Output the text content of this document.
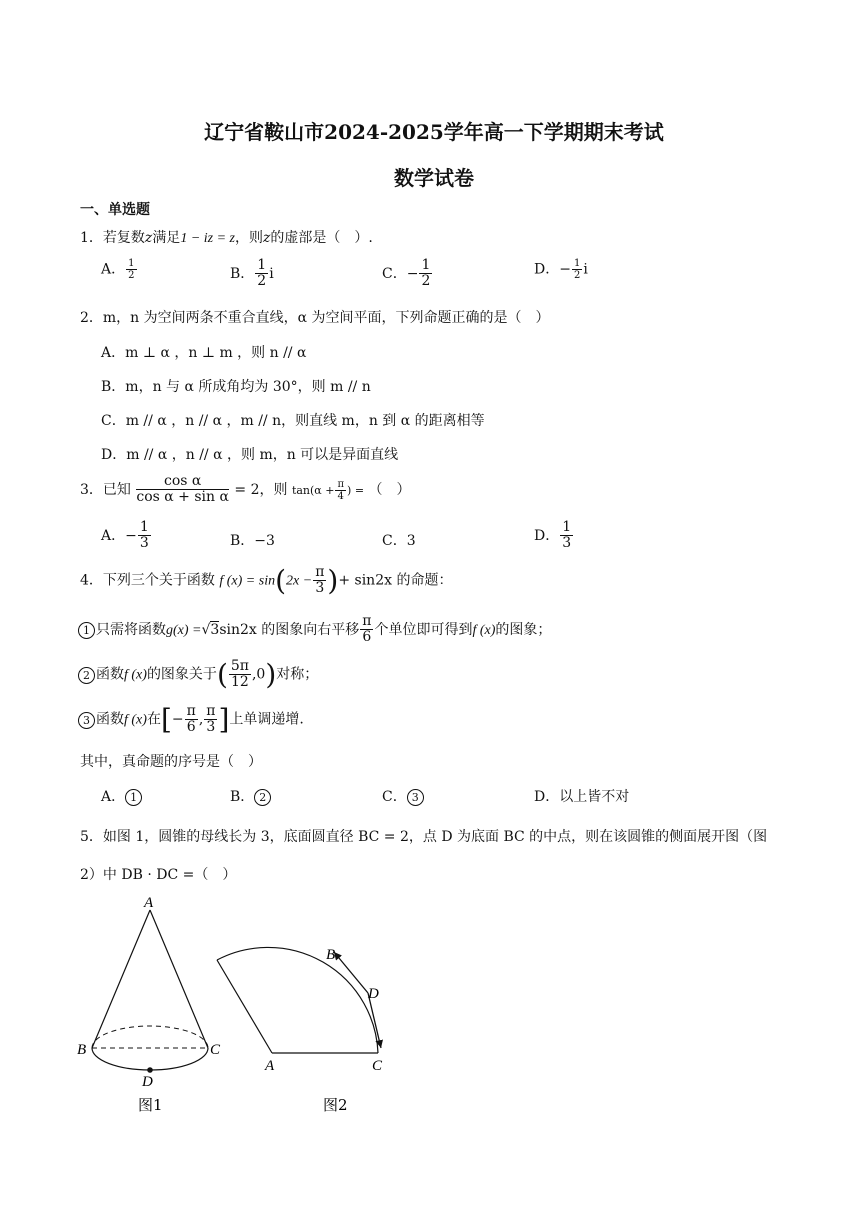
辽宁省鞍山市2024-2025学年高一下学期期末考试
数学试卷
一、单选题
1．若复数z满足1 − iz = z，则z的虚部是（　）.
A． $\frac{1}{2}$	B． $\frac{1}{2}$ i	C．− $\frac{1}{2}$	D．− $\frac{1}{2}$ i
2．m，n 为空间两条不重合直线，α 为空间平面，下列命题正确的是（　）
A．m ⊥ α ，n ⊥ m ，则 n // α
B．m，n 与 α 所成角均为 30°，则 m // n
C．m // α ，n // α ，m // n，则直线 m，n 到 α 的距离相等
D．m // α ，n // α ，则 m，n 可以是异面直线
3．已知 $\frac{\text{cos α}}{\text{cos α + sin α}} = 2$，则 $\tan(\alpha + \frac{\pi}{4}$ ) = （　）
A．− $\frac{1}{3}$	B．−3	C．3	D． $\frac{1}{3}$
4．下列三个关于函数 f $(x) = \sin(2x - \frac{\pi}{3}$ )+ sin2x 的命题：
1 只需将函数g(x) =√3sin2x 的图象向右平移 $\frac{\pi}{6}$ 个单位即可得到f (x)的图象；
2 函数f (x)的图象关于( $\frac{5\pi}{12} ,0$)对称；
3 函数f (x)在[− $\frac{\pi}{6}$ , $\frac{\pi}{3}$ ]上单调递增.
其中，真命题的序号是（　）
A． 1	B． 2	C． 3	D．以上皆不对
5．如图 1，圆锥的母线长为 3，底面圆直径 BC = 2，点 D 为底面 BC 的中点，则在该圆锥的侧面展开图（图
2）中 DB · DC =（　）
A
B	C
D
图1
B
D
A	C
图2
